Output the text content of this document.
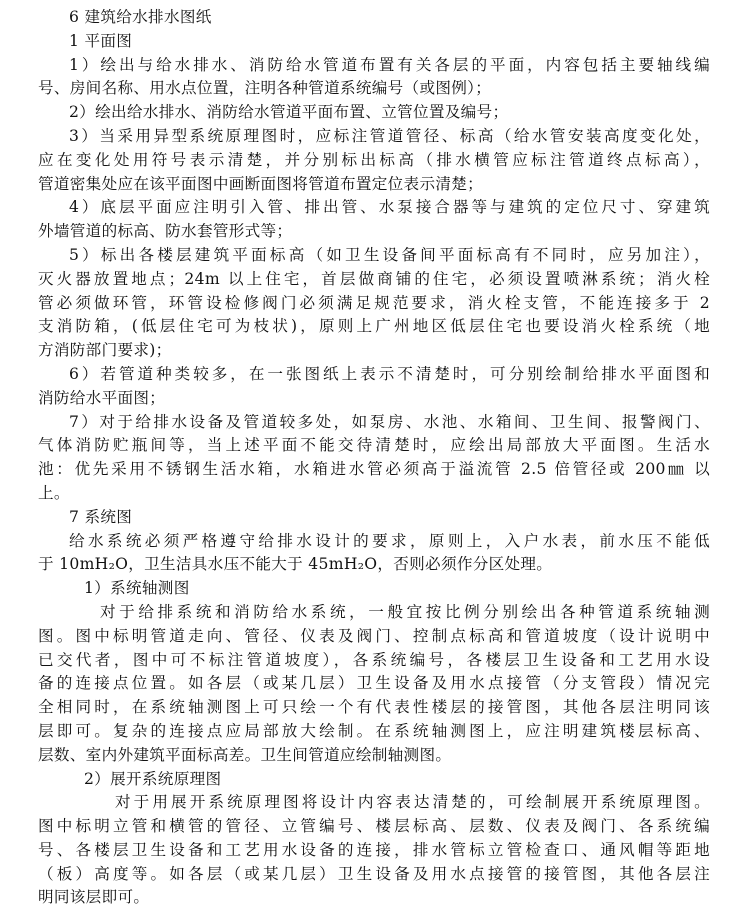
6 建筑给水排水图纸
1 平面图
1）绘出与给水排水、消防给水管道布置有关各层的平面，内容包括主要轴线编
号、房间名称、用水点位置，注明各种管道系统编号（或图例）；
2）绘出给水排水、消防给水管道平面布置、立管位置及编号；
3）当采用异型系统原理图时，应标注管道管径、标高（给水管安装高度变化处，
应在变化处用符号表示清楚，并分别标出标高（排水横管应标注管道终点标高），
管道密集处应在该平面图中画断面图将管道布置定位表示清楚；
4）底层平面应注明引入管、排出管、水泵接合器等与建筑的定位尺寸、穿建筑
外墙管道的标高、防水套管形式等；
5）标出各楼层建筑平面标高（如卫生设备间平面标高有不同时，应另加注），
灭火器放置地点；24m 以上住宅，首层做商铺的住宅，必须设置喷淋系统；消火栓
管必须做环管，环管设检修阀门必须满足规范要求，消火栓支管，不能连接多于 2
支消防箱，(低层住宅可为枝状)，原则上广州地区低层住宅也要设消火栓系统（地
方消防部门要求)；
6）若管道种类较多，在一张图纸上表示不清楚时，可分别绘制给排水平面图和
消防给水平面图；
7）对于给排水设备及管道较多处，如泵房、水池、水箱间、卫生间、报警阀门、
气体消防贮瓶间等，当上述平面不能交待清楚时，应绘出局部放大平面图。生活水
池：优先采用不锈钢生活水箱，水箱进水管必须高于溢流管 2.5 倍管径或 200㎜ 以
上。
7 系统图
给水系统必须严格遵守给排水设计的要求，原则上，入户水表，前水压不能低
于 10mH₂O，卫生洁具水压不能大于 45mH₂O，否则必须作分区处理。
1）系统轴测图
对于给排系统和消防给水系统，一般宜按比例分别绘出各种管道系统轴测
图。图中标明管道走向、管径、仪表及阀门、控制点标高和管道坡度（设计说明中
已交代者，图中可不标注管道坡度），各系统编号，各楼层卫生设备和工艺用水设
备的连接点位置。如各层（或某几层）卫生设备及用水点接管（分支管段）情况完
全相同时，在系统轴测图上可只绘一个有代表性楼层的接管图，其他各层注明同该
层即可。复杂的连接点应局部放大绘制。在系统轴测图上，应注明建筑楼层标高、
层数、室内外建筑平面标高差。卫生间管道应绘制轴测图。
2）展开系统原理图
对于用展开系统原理图将设计内容表达清楚的，可绘制展开系统原理图。
图中标明立管和横管的管径、立管编号、楼层标高、层数、仪表及阀门、各系统编
号、各楼层卫生设备和工艺用水设备的连接，排水管标立管检查口、通风帽等距地
（板）高度等。如各层（或某几层）卫生设备及用水点接管的接管图，其他各层注
明同该层即可。
